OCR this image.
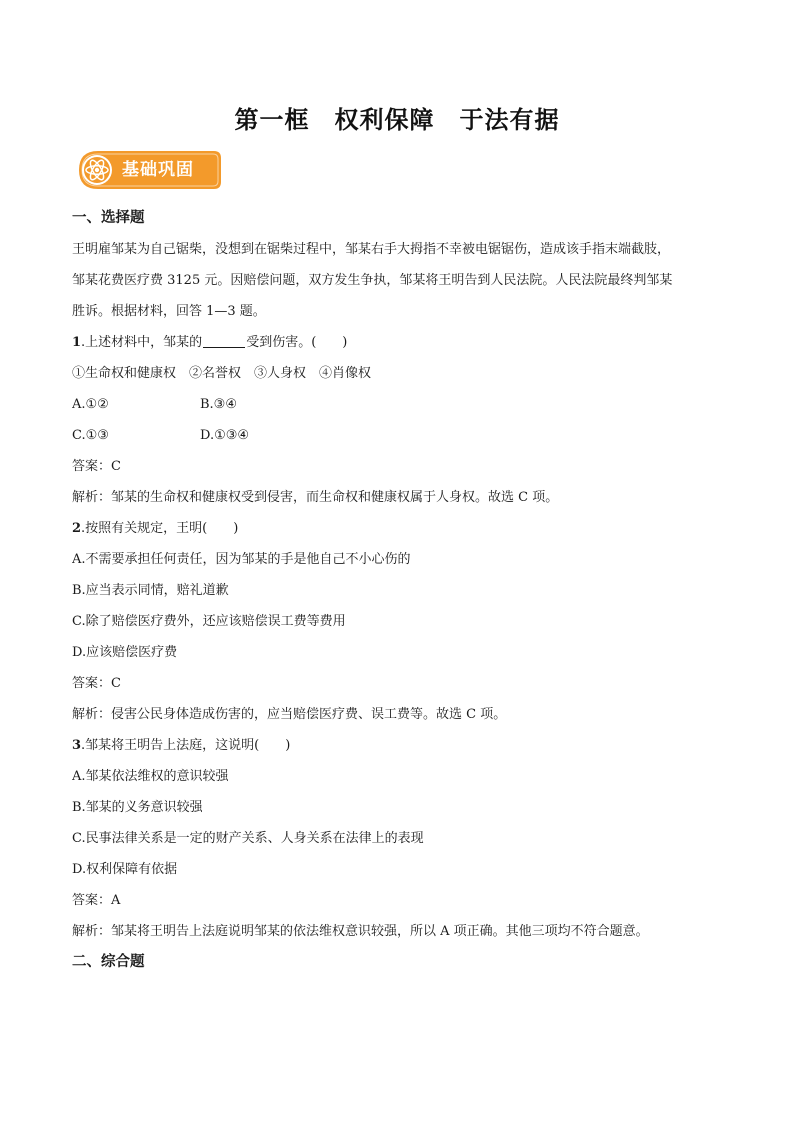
第一框　权利保障　于法有据
基础巩固
一、选择题
王明雇邹某为自己锯柴，没想到在锯柴过程中，邹某右手大拇指不幸被电锯锯伤，造成该手指末端截肢，
邹某花费医疗费 3125 元。因赔偿问题，双方发生争执，邹某将王明告到人民法院。人民法院最终判邹某
胜诉。根据材料，回答 1—3 题。
1.上述材料中，邹某的	受到伤害。(　　)
①生命权和健康权　②名誉权　③人身权　④肖像权
A.①②	B.③④
C.①③	D.①③④
答案：C
解析：邹某的生命权和健康权受到侵害，而生命权和健康权属于人身权。故选 C 项。
2.按照有关规定，王明(　　)
A.不需要承担任何责任，因为邹某的手是他自己不小心伤的
B.应当表示同情，赔礼道歉
C.除了赔偿医疗费外，还应该赔偿误工费等费用
D.应该赔偿医疗费
答案：C
解析：侵害公民身体造成伤害的，应当赔偿医疗费、误工费等。故选 C 项。
3.邹某将王明告上法庭，这说明(　　)
A.邹某依法维权的意识较强
B.邹某的义务意识较强
C.民事法律关系是一定的财产关系、人身关系在法律上的表现
D.权利保障有依据
答案：A
解析：邹某将王明告上法庭说明邹某的依法维权意识较强，所以 A 项正确。其他三项均不符合题意。
二、综合题
